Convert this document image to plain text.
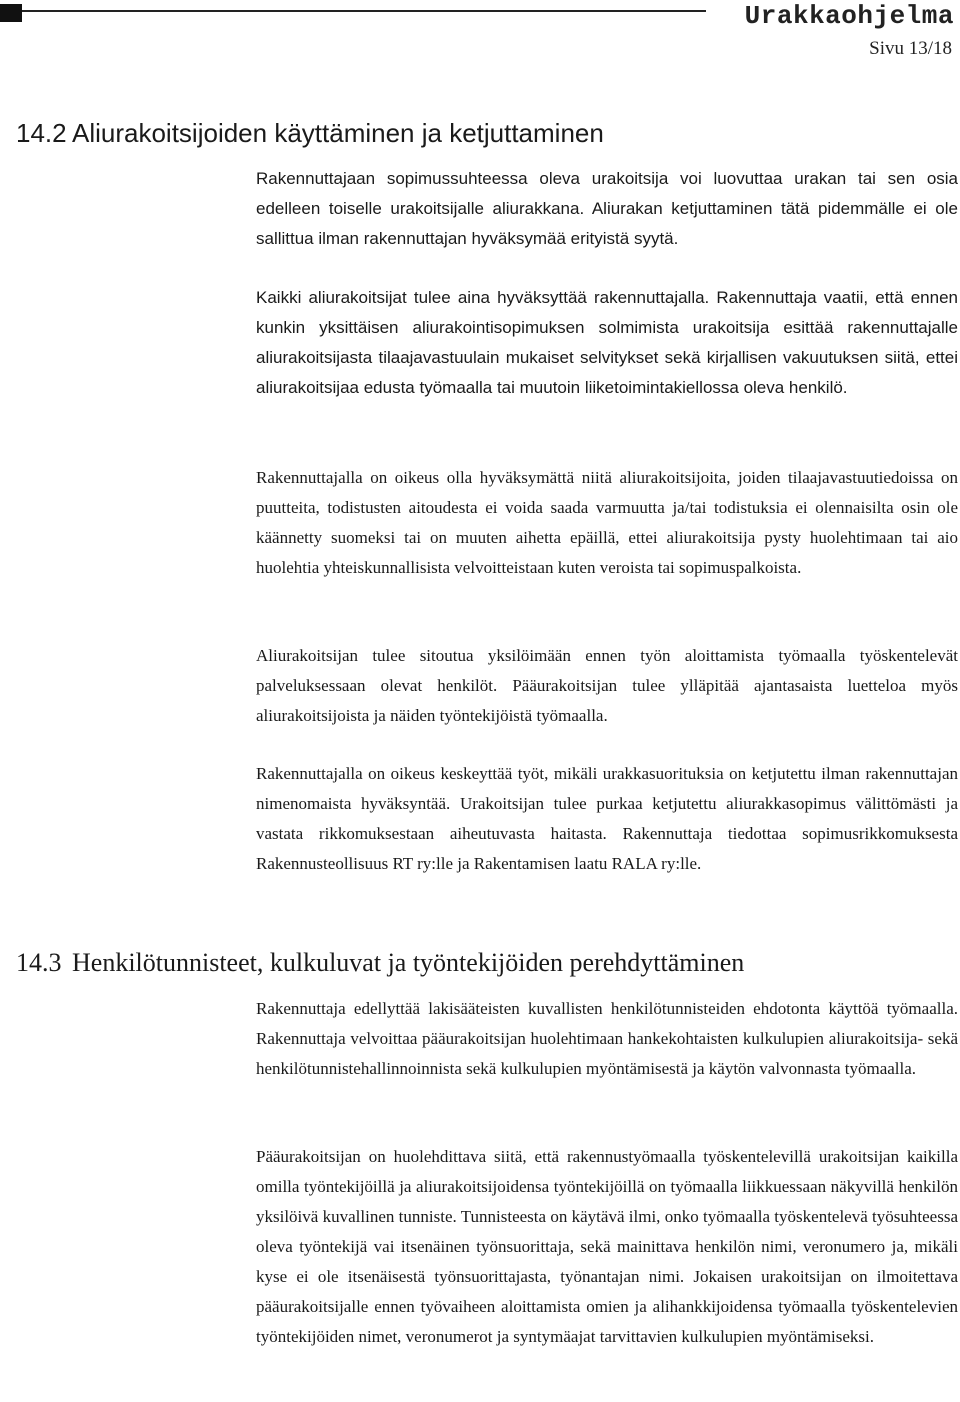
Urakkaohjelma
Sivu 13/18
14.2 Aliurakoitsijoiden käyttäminen ja ketjuttaminen

Rakennuttajaan sopimussuhteessa oleva urakoitsija voi luovuttaa urakan tai sen osia edelleen toiselle urakoitsijalle aliurakkana. Aliurakan ketjuttaminen tätä pidemmälle ei ole sallittua ilman rakennuttajan hyväksymää erityistä syytä.

Kaikki aliurakoitsijat tulee aina hyväksyttää rakennuttajalla. Rakennuttaja vaatii, että ennen kunkin yksittäisen aliurakointisopimuksen solmimista urakoitsija esittää rakennuttajalle aliurakoitsijasta tilaajavastuulain mukaiset selvitykset sekä kirjallisen vakuutuksen siitä, ettei aliurakoitsijaa edusta työmaalla tai muutoin liiketoimintakiellossa oleva henkilö.

Rakennuttajalla on oikeus olla hyväksymättä niitä aliurakoitsijoita, joiden tilaajavastuutiedoissa on puutteita, todistusten aitoudesta ei voida saada varmuutta ja/tai todistuksia ei olennaisilta osin ole käännetty suomeksi tai on muuten aihetta epäillä, ettei aliurakoitsija pysty huolehtimaan tai aio huolehtia yhteiskunnallisista velvoitteistaan kuten veroista tai sopimuspalkoista.

Aliurakoitsijan tulee sitoutua yksilöimään ennen työn aloittamista työmaalla työskentelevät palveluksessaan olevat henkilöt. Pääurakoitsijan tulee ylläpitää ajantasaista luetteloa myös aliurakoitsijoista ja näiden työntekijöistä työmaalla.

Rakennuttajalla on oikeus keskeyttää työt, mikäli urakkasuorituksia on ketjutettu ilman rakennuttajan nimenomaista hyväksyntää. Urakoitsijan tulee purkaa ketjutettu aliurakkasopimus välittömästi ja vastata rikkomuksestaan aiheutuvasta haitasta. Rakennuttaja tiedottaa sopimusrikkomuksesta Rakennusteollisuus RT ry:lle ja Rakentamisen laatu RALA ry:lle.

14.3 Henkilötunnisteet, kulkuluvat ja työntekijöiden perehdyttäminen

Rakennuttaja edellyttää lakisääteisten kuvallisten henkilötunnisteiden ehdotonta käyttöä työmaalla. Rakennuttaja velvoittaa pääurakoitsijan huolehtimaan hankekohtaisten kulkulupien aliurakoitsija- sekä henkilötunnistehallinnoinnista sekä kulkulupien myöntämisestä ja käytön valvonnasta työmaalla.

Pääurakoitsijan on huolehdittava siitä, että rakennustyömaalla työskentelevillä urakoitsijan kaikilla omilla työntekijöillä ja aliurakoitsijoidensa työntekijöillä on työmaalla liikkuessaan näkyvillä henkilön yksilöivä kuvallinen tunniste. Tunnisteesta on käytävä ilmi, onko työmaalla työskentelevä työsuhteessa oleva työntekijä vai itsenäinen työnsuorittaja, sekä mainittava henkilön nimi, veronumero ja, mikäli kyse ei ole itsenäisestä työnsuorittajasta, työnantajan nimi. Jokaisen urakoitsijan on ilmoitettava pääurakoitsijalle ennen työvaiheen aloittamista omien ja alihankkijoidensa työmaalla työskentelevien työntekijöiden nimet, veronumerot ja syntymäajat tarvittavien kulkulupien myöntämiseksi.
